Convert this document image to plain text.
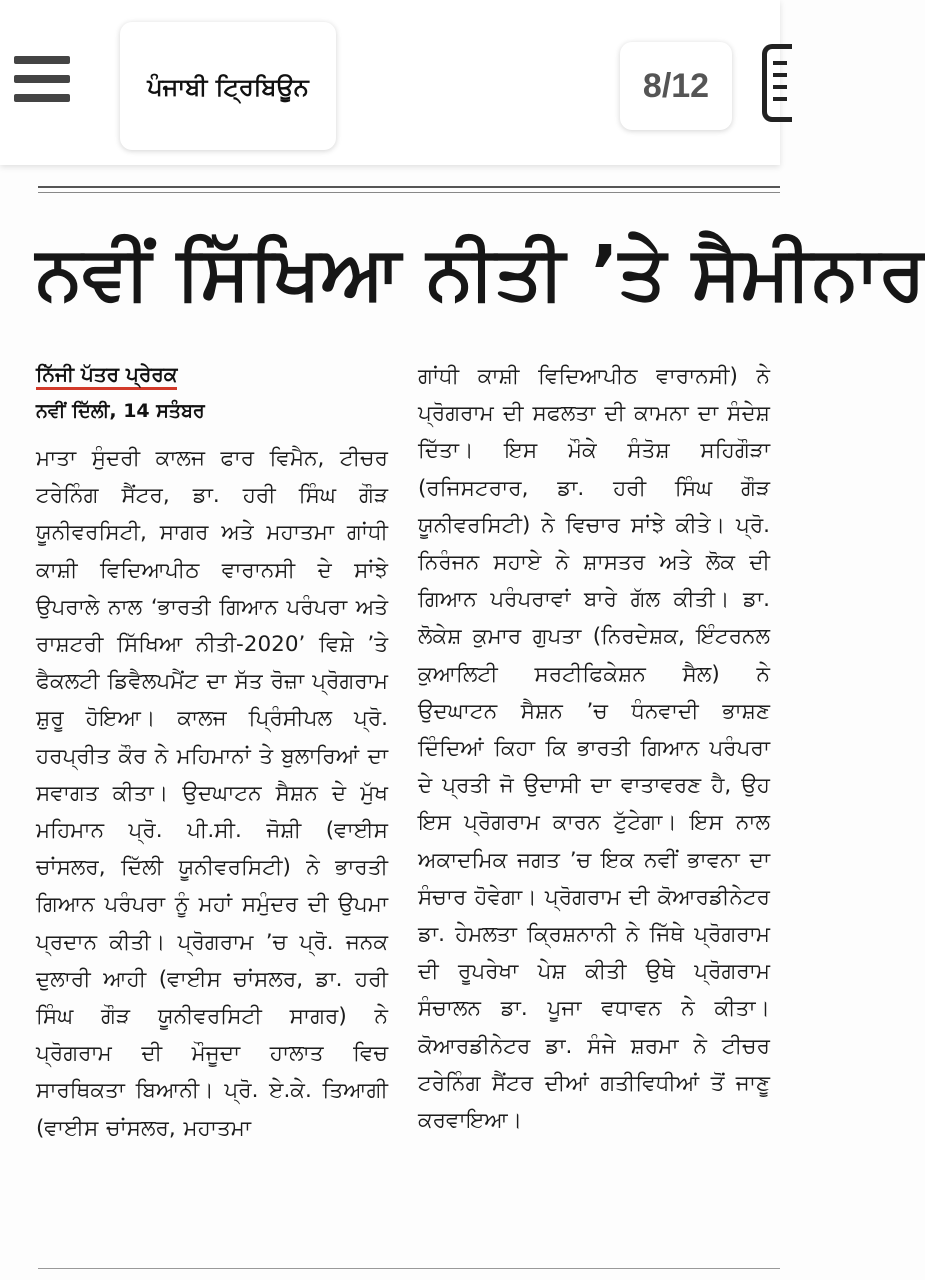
ਪੰਜਾਬੀ ਟ੍ਰਿਬਿਊਨ	8/12
ਨਵੀਂ ਸਿੱਖਿਆ ਨੀਤੀ ’ਤੇ ਸੈਮੀਨਾਰ
ਨਿੱਜੀ ਪੱਤਰ ਪ੍ਰੇਰਕ
ਨਵੀਂ ਦਿੱਲੀ, 14 ਸਤੰਬਰ
ਮਾਤਾ ਸੁੰਦਰੀ ਕਾਲਜ ਫਾਰ ਵਿਮੈਨ, ਟੀਚਰ ਟਰੇਨਿੰਗ ਸੈਂਟਰ, ਡਾ. ਹਰੀ ਸਿੰਘ ਗੌੜ ਯੂਨੀਵਰਸਿਟੀ, ਸਾਗਰ ਅਤੇ ਮਹਾਤਮਾ ਗਾਂਧੀ ਕਾਸ਼ੀ ਵਿਦਿਆਪੀਠ ਵਾਰਾਨਸੀ ਦੇ ਸਾਂਝੇ ਉਪਰਾਲੇ ਨਾਲ ‘ਭਾਰਤੀ ਗਿਆਨ ਪਰੰਪਰਾ ਅਤੇ ਰਾਸ਼ਟਰੀ ਸਿੱਖਿਆ ਨੀਤੀ-2020’ ਵਿਸ਼ੇ ’ਤੇ ਫੈਕਲਟੀ ਡਿਵੈਲਪਮੈਂਟ ਦਾ ਸੱਤ ਰੋਜ਼ਾ ਪ੍ਰੋਗਰਾਮ ਸ਼ੁਰੂ ਹੋਇਆ। ਕਾਲਜ ਪ੍ਰਿੰਸੀਪਲ ਪ੍ਰੋ. ਹਰਪ੍ਰੀਤ ਕੌਰ ਨੇ ਮਹਿਮਾਨਾਂ ਤੇ ਬੁਲਾਰਿਆਂ ਦਾ ਸਵਾਗਤ ਕੀਤਾ। ਉਦਘਾਟਨ ਸੈਸ਼ਨ ਦੇ ਮੁੱਖ ਮਹਿਮਾਨ ਪ੍ਰੋ. ਪੀ.ਸੀ. ਜੋਸ਼ੀ (ਵਾਈਸ ਚਾਂਸਲਰ, ਦਿੱਲੀ ਯੂਨੀਵਰਸਿਟੀ) ਨੇ ਭਾਰਤੀ ਗਿਆਨ ਪਰੰਪਰਾ ਨੂੰ ਮਹਾਂ ਸਮੁੰਦਰ ਦੀ ਉਪਮਾ ਪ੍ਰਦਾਨ ਕੀਤੀ। ਪ੍ਰੋਗਰਾਮ ’ਚ ਪ੍ਰੋ. ਜਨਕ ਦੁਲਾਰੀ ਆਹੀ (ਵਾਈਸ ਚਾਂਸਲਰ, ਡਾ. ਹਰੀ ਸਿੰਘ ਗੌੜ ਯੂਨੀਵਰਸਿਟੀ ਸਾਗਰ) ਨੇ ਪ੍ਰੋਗਰਾਮ ਦੀ ਮੌਜੂਦਾ ਹਾਲਾਤ ਵਿਚ ਸਾਰਥਿਕਤਾ ਬਿਆਨੀ। ਪ੍ਰੋ. ਏ.ਕੇ. ਤਿਆਗੀ (ਵਾਈਸ ਚਾਂਸਲਰ, ਮਹਾਤਮਾ
ਗਾਂਧੀ ਕਾਸ਼ੀ ਵਿਦਿਆਪੀਠ ਵਾਰਾਨਸੀ) ਨੇ ਪ੍ਰੋਗਰਾਮ ਦੀ ਸਫਲਤਾ ਦੀ ਕਾਮਨਾ ਦਾ ਸੰਦੇਸ਼ ਦਿੱਤਾ। ਇਸ ਮੌਕੇ ਸੰਤੋਸ਼ ਸਹਿਗੌੜਾ (ਰਜਿਸਟਰਾਰ, ਡਾ. ਹਰੀ ਸਿੰਘ ਗੌੜ ਯੂਨੀਵਰਸਿਟੀ) ਨੇ ਵਿਚਾਰ ਸਾਂਝੇ ਕੀਤੇ। ਪ੍ਰੋ. ਨਿਰੰਜਨ ਸਹਾਏ ਨੇ ਸ਼ਾਸਤਰ ਅਤੇ ਲੋਕ ਦੀ ਗਿਆਨ ਪਰੰਪਰਾਵਾਂ ਬਾਰੇ ਗੱਲ ਕੀਤੀ। ਡਾ. ਲੋਕੇਸ਼ ਕੁਮਾਰ ਗੁਪਤਾ (ਨਿਰਦੇਸ਼ਕ, ਇੰਟਰਨਲ ਕੁਆਲਿਟੀ ਸਰਟੀਫਿਕੇਸ਼ਨ ਸੈਲ) ਨੇ ਉਦਘਾਟਨ ਸੈਸ਼ਨ ’ਚ ਧੰਨਵਾਦੀ ਭਾਸ਼ਣ ਦਿੰਦਿਆਂ ਕਿਹਾ ਕਿ ਭਾਰਤੀ ਗਿਆਨ ਪਰੰਪਰਾ ਦੇ ਪ੍ਰਤੀ ਜੋ ਉਦਾਸੀ ਦਾ ਵਾਤਾਵਰਣ ਹੈ, ਉਹ ਇਸ ਪ੍ਰੋਗਰਾਮ ਕਾਰਨ ਟੁੱਟੇਗਾ। ਇਸ ਨਾਲ ਅਕਾਦਮਿਕ ਜਗਤ ’ਚ ਇਕ ਨਵੀਂ ਭਾਵਨਾ ਦਾ ਸੰਚਾਰ ਹੋਵੇਗਾ। ਪ੍ਰੋਗਰਾਮ ਦੀ ਕੋਆਰਡੀਨੇਟਰ ਡਾ. ਹੇਮਲਤਾ ਕ੍ਰਿਸ਼ਨਾਨੀ ਨੇ ਜਿੱਥੇ ਪ੍ਰੋਗਰਾਮ ਦੀ ਰੂਪਰੇਖਾ ਪੇਸ਼ ਕੀਤੀ ਉਥੇ ਪ੍ਰੋਗਰਾਮ ਸੰਚਾਲਨ ਡਾ. ਪੂਜਾ ਵਧਾਵਨ ਨੇ ਕੀਤਾ। ਕੋਆਰਡੀਨੇਟਰ ਡਾ. ਸੰਜੇ ਸ਼ਰਮਾ ਨੇ ਟੀਚਰ ਟਰੇਨਿੰਗ ਸੈਂਟਰ ਦੀਆਂ ਗਤੀਵਿਧੀਆਂ ਤੋਂ ਜਾਣੂ ਕਰਵਾਇਆ।
